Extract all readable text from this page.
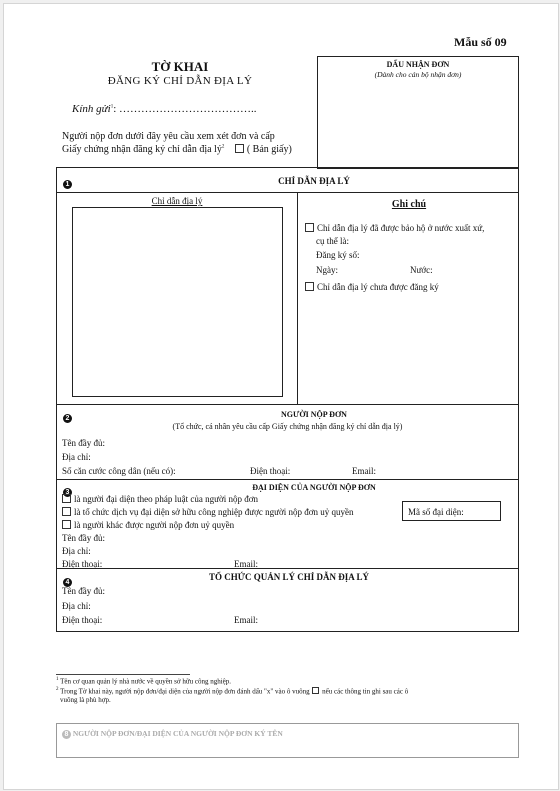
Mẫu số 09
TỜ KHAI
ĐĂNG KÝ CHỈ DẪN ĐỊA LÝ
Kính gửi$^1$: ………………………………..
Người nộp đơn dưới đây yêu cầu xem xét đơn và cấp
Giấy chứng nhận đăng ký chỉ dẫn địa $lý^2$ ( Bản giấy)
DẤU NHẬN ĐƠN
(Dành cho cán bộ nhận đơn)
1	CHỈ DẪN ĐỊA LÝ
Chỉ dẫn địa lý	Ghi chú
Chỉ dẫn địa lý đã được bảo hộ ở nước xuất xứ,
cụ thể là:
Đăng ký số:
Ngày:	Nước:
Chỉ dẫn địa lý chưa được đăng ký
2	NGƯỜI NỘP ĐƠN
(Tổ chức, cá nhân yêu cầu cấp Giấy chứng nhận đăng ký chỉ dẫn địa lý)
Tên đầy đủ:
Địa chỉ:
Số căn cước công dân (nếu có):	Điện thoại:	Email:
3
ĐẠI DIỆN CỦA NGƯỜI NỘP ĐƠN
là người đại diện theo pháp luật của người nộp đơn
là tổ chức dịch vụ đại diện sở hữu công nghiệp được người nộp đơn uỷ quyền
là người khác được người nộp đơn uỷ quyền
Mã số đại diện:
Tên đầy đủ:
Địa chỉ:
Điện thoại:	Email:
4
TỔ CHỨC QUẢN LÝ CHỈ DẪN ĐỊA LÝ
Tên đầy đủ:
Địa chỉ:
Điện thoại:	Email:
$^1$ Tên cơ quan quản lý nhà nước về quyền sở hữu công nghiệp.
$^2$ Trong Tờ khai này, người nộp đơn/đại diện của người nộp đơn đánh dấu "x" vào ô vuông nếu các thông tin ghi sau các ô
vuông là phù hợp.
8 NGƯỜI NỘP ĐƠN/ĐẠI DIỆN CỦA NGƯỜI NỘP ĐƠN KÝ TÊN
